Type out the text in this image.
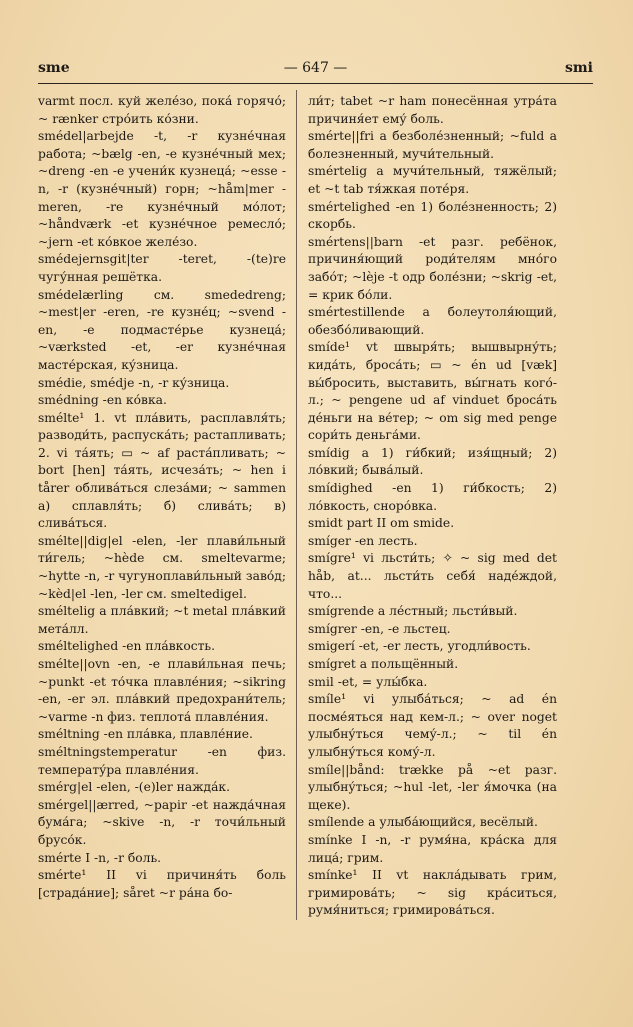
sme	— 647 —	smi

varmt посл. куй желе́зо, пока́ горячо́; ~ rænker стро́ить ко́зни.

smédel|arbejde -t, -r кузне́чная работа; ~bælg -en, -e кузне́чный мех; ~dreng -en -e учени́к кузнеца́; ~esse -n, -r (кузне́чный) горн; ~håm|mer -meren, -re кузне́чный мо́лот; ~håndværk -et кузне́чное ремесло́; ~jern -et ко́вкое желе́зо.

smédejernsgit|ter -teret, -(te)re чугу́нная решётка.

smédelærling см. smededreng; ~mest|er -eren, -re кузне́ц; ~svend -en, -e подмасте́рье кузнеца́; ~værksted -et, -er кузне́чная масте́рская, ку́зница.

smédie, smédje -n, -r ку́зница.

smédning -en ко́вка.

smélte¹ 1. vt пла́вить, расплавля́ть; разводи́ть, распуска́ть; растапливать; 2. vi та́ять; ▭ ~ af раста́пливать; ~ bort [hen] та́ять, исчеза́ть; ~ hen i tårer облива́ться слеза́ми; ~ sammen а) сплавля́ть; б) слива́ть; в) слива́ться.

smélte||dig|el -elen, -ler плави́льный ти́гель; ~hède см. smeltevarme; ~hytte -n, -r чугуноплави́льный заво́д; ~kèd|el -len, -ler см. smeltedigel.

sméltelig a пла́вкий; ~t metal пла́вкий мета́лл.

sméltelighed -en пла́вкость.

smélte||ovn -en, -e плави́льная печь; ~punkt -et то́чка плавле́ния; ~sikring -en, -er эл. пла́вкий предохрани́тель; ~varme -n физ. теплота́ плавле́ния.

sméltning -en пла́вка, плавле́ние.

sméltningstemperatur -en физ. температу́ра плавле́ния.

smérg|el -elen, -(e)ler нажда́к.

smérgel||ærred, ~papir -et нажда́чная бума́га; ~skive -n, -r точи́льный брусо́к.

smérte I -n, -r боль.

smérte¹ II vi причиня́ть боль [страда́ние]; såret ~r ра́на бо-

ли́т; tabet ~r ham понесённая утра́та причиня́ет ему́ боль.

smérte||fri a безболе́зненный; ~fuld a болезненный, мучи́тельный.

smértelig a мучи́тельный, тяжёлый; et ~t tab тя́жкая поте́ря.

smértelighed -en 1) боле́зненность; 2) скорбь.

smértens||barn -et разг. ребёнок, причиня́ющий роди́телям мно́го забо́т; ~lèje -t одр боле́зни; ~skrig -et, = крик бо́ли.

smértestillende a болеутоля́ющий, обезбо́ливающий.

smíde¹ vt швыря́ть; вышвырну́ть; кида́ть, броса́ть; ▭ ~ én ud [væk] вы́бросить, выставить, вы́гнать кого́-л.; ~ pengene ud af vinduet броса́ть де́ньги на ве́тер; ~ om sig med penge сори́ть деньга́ми.

smídig a 1) ги́бкий; изя́щный; 2) ло́вкий; быва́лый.

smídighed -en 1) ги́бкость; 2) ло́вкость, сноро́вка.

smidt part II om smide.

smíger -en лесть.

smígre¹ vi льсти́ть; ✧ ~ sig med det håb, at... льсти́ть себя́ наде́ждой, что...

smígrende a ле́стный; льсти́вый.

smígrer -en, -e льстец.

smigerí -et, -er лесть, угодли́вость.

smígret a польщённый.

smil -et, = улы́бка.

smíle¹ vi улыба́ться; ~ ad én посме́яться над кем-л.; ~ over noget улыбну́ться чему́-л.; ~ til én улыбну́ться кому́-л.

smíle||bånd: trække på ~et разг. улыбну́ться; ~hul -let, -ler я́мочка (на щеке).

smílende a улыба́ющийся, весёлый.

smínke I -n, -r румя́на, кра́ска для лица́; грим.

smínke¹ II vt накла́дывать грим, гримирова́ть; ~ sig кра́ситься, румя́ниться; гримирова́ться.
